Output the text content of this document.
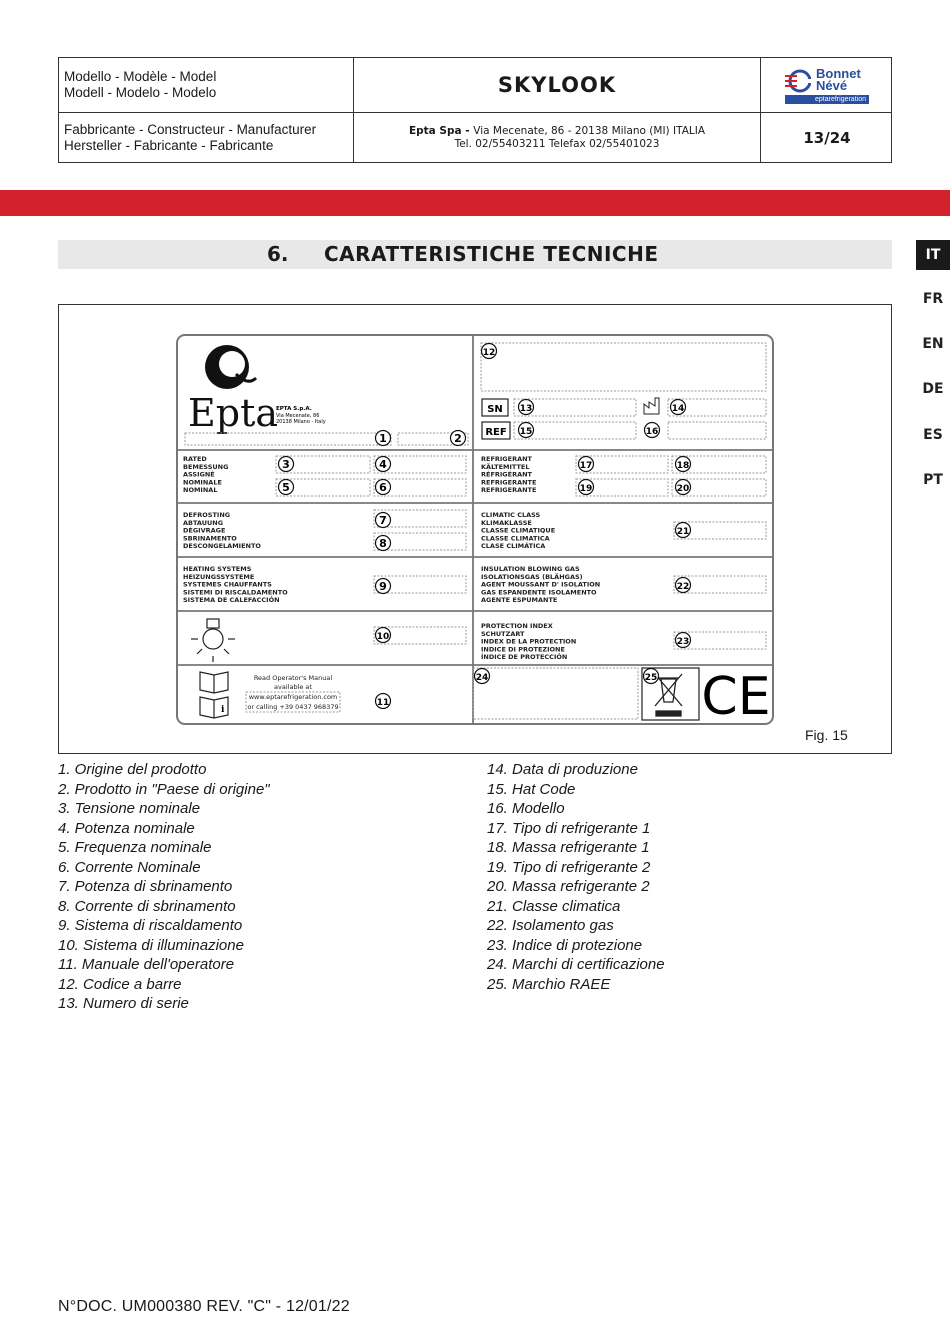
Modello - Modèle - Model
Modell - Modelo - Modelo	SKYLOOK	Bonnet
Névé
eptarefrigeration
Fabbricante - Constructeur - Manufacturer
Hersteller - Fabricante - Fabricante
Epta Spa - Via Mecenate, 86 - 20138 Milano (MI) ITALIA
Tel. 02/55403211 Telefax 02/55401023	13/24
6. CARATTERISTICHE TECNICHE	IT
FR
EN
DE
ES
PT
Epta
EPTA S.p.A.
Via Mecenate, 86
20138 Milano - Italy
SN
REF
RATED
BEMESSUNG
ASSIGNÉ
NOMINALE
NOMINAL
REFRIGERANT
KÄLTEMITTEL
RÉFRIGÉRANT
REFRIGERANTE
REFRIGERANTE
DEFROSTING
ABTAUUNG
DÉGIVRAGE
SBRINAMENTO
DESCONGELAMIENTO
CLIMATIC CLASS
KLIMAKLASSE
CLASSE CLIMATIQUE
CLASSE CLIMATICA
CLASE CLIMÁTICA
HEATING SYSTEMS
HEIZUNGSSYSTEME
SYSTEMES CHAUFFANTS
SISTEMI DI RISCALDAMENTO
SISTEMA DE CALEFACCIÓN
INSULATION BLOWING GAS
ISOLATIONSGAS (BLÄHGAS)
AGENT MOUSSANT D' ISOLATION
GAS ESPANDENTE ISOLAMENTO
AGENTE ESPUMANTE
PROTECTION INDEX
SCHUTZART
INDEX DE LA PROTECTION
INDICE DI PROTEZIONE
ÍNDICE DE PROTECCIÓN
i
Read Operator's Manual
available at
www.eptarefrigeration.com
or calling +39 0437 968379	CE
1	2
3	4
5	6
7
8
9
10
11
12
13	14
15	16
17	18
19	20
21
22
23
24	25
Fig. 15
1. Origine del prodotto
2. Prodotto in "Paese di origine"
3. Tensione nominale
4. Potenza nominale
5. Frequenza nominale
6. Corrente Nominale
7. Potenza di sbrinamento
8. Corrente di sbrinamento
9. Sistema di riscaldamento
10. Sistema di illuminazione
11. Manuale dell'operatore
12. Codice a barre
13. Numero di serie
14. Data di produzione
15. Hat Code
16. Modello
17. Tipo di refrigerante 1
18. Massa refrigerante 1
19. Tipo di refrigerante 2
20. Massa refrigerante 2
21. Classe climatica
22. Isolamento gas
23. Indice di protezione
24. Marchi di certificazione
25. Marchio RAEE
N°DOC. UM000380 REV. "C" - 12/01/22
